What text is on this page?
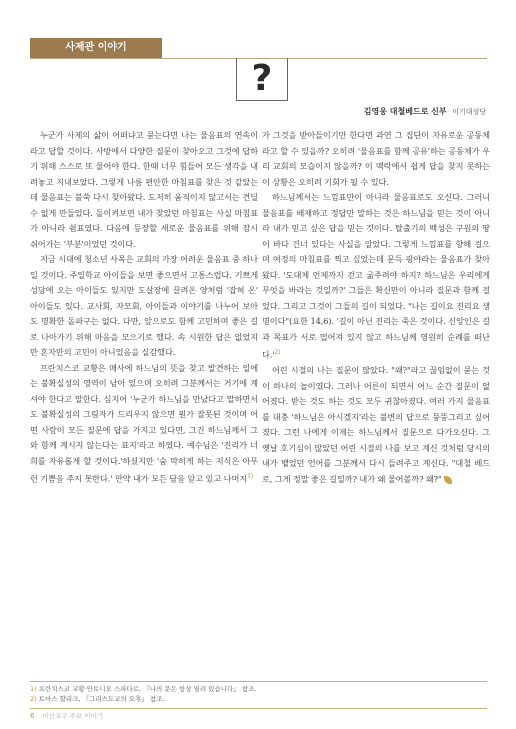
사제관 이야기
?
김영웅 대철베드로 신부 이기대성당

누군가 사제의 삶이 어떠냐고 묻는다면 나는 물음표의 연속이라고 답할 것이다. 사방에서 다양한 질문이 찾아오고 그것에 답하기 위해 스스로 또 물어야 한다. 한때 너무 힘들어 모든 생각을 내려놓고 지내보았다. 그렇게 나름 편안한 마침표를 찾은 것 같았는데 물음표는 불쑥 다시 찾아왔다. 도저히 움직이지 않고서는 견딜 수 없게 만들었다. 돌이켜보면 내가 찾았던 마침표는 사실 마침표가 아니라 쉼표였다. 다음에 등장할 새로운 물음표를 위해 잠시 쉬어가는 '부분'이었던 것이다.

지금 시대에 청소년 사목은 교회의 가장 어려운 물음표 중 하나일 것이다. 주일학교 아이들을 보면 좋으면서 고통스럽다. 기쁘게 성당에 오는 아이들도 있지만 도살장에 끌려온 양처럼 '잡혀 온' 아이들도 있다. 교사회, 자모회, 아이들과 이야기를 나누어 보아도 명확한 돌파구는 없다. 다만, 앞으로도 함께 고민하며 좋은 길로 나아가기 위해 마음을 모으기로 했다. 속 시원한 답은 없었지만 혼자만의 고민이 아니었음을 실감했다.

프란치스코 교황은 매사에 하느님의 뜻을 찾고 발견하는 일에는 불확실성의 영역이 남아 있으며 오히려 그분께서는 거기에 계셔야 한다고 말한다. 심지어 '누군가 하느님을 만났다고 말하면서도 불확실성의 그림자가 드리우지 않으면 뭔가 잘못된 것이며 어떤 사람이 모든 질문에 답을 가지고 있다면, 그건 하느님께서 그와 함께 계시지 않는다는 표지'라고 하였다. 예수님은 '진리가 너희를 자유롭게 할 것이다.'하셨지만 '숨 막히게 하는 지식은 아무런 기쁨을 주지 못한다.' 만약 내가 모든 답을 알고 있고 나머지$^{1)}$

가 그것을 받아들이기만 한다면 과연 그 집단이 자유로운 공동체라고 할 수 있을까? 오히려 '물음표를 함께 공유'하는 공동체가 우리 교회의 모습이지 않을까? 이 맥락에서 쉽게 답을 찾지 못하는 이 상황은 오히려 기회가 될 수 있다.

하느님께서는 느낌표만이 아니라 물음표로도 오신다. 그러니 물음표를 배제하고 정답만 말하는 것은 하느님을 믿는 것이 아니라 내가 믿고 싶은 답을 믿는 것이다. 탈출기의 백성은 구원의 땅이 바다 건너 있다는 사실을 알았다. 그렇게 느낌표를 향해 걸으며 여정의 마침표를 찍고 싶었는데 문득 광야라는 물음표가 찾아왔다. '도대체 언제까지 걷고 굶주려야 하지? 하느님은 우리에게 무엇을 바라는 것일까?' 그들은 확신만이 아니라 질문과 함께 걸었다. 그리고 그것이 그들의 길이 되었다. "나는 길이요 진리요 생명이다"(요한 14,6). '길이 아닌 진리는 죽은 것이다. 신앙인은 길과 목표가 서로 떨어져 있지 않고 하느님께 영원히 순례를 떠난다.'$^{2)}$

어린 시절의 나는 질문이 많았다. "왜?"라고 끊임없이 묻는 것이 하나의 놀이였다. 그러나 어른이 되면서 어느 순간 질문이 없어졌다. 받는 것도 하는 것도 모두 귀찮아졌다. 여러 가지 물음표를 대충 '하느님은 아시겠지'라는 불변의 답으로 뭉뚱그리고 싶어졌다. 그런 나에게 이제는 하느님께서 질문으로 다가오신다. 그 옛날 호기심이 많았던 어린 시절의 나를 보고 계신 것처럼 당시의 내가 뱉었던 언어를 그분께서 다시 들려주고 계신다. "대철 베드로, 그게 정말 좋은 길일까? 내가 왜 물어볼까? 왜?"

1) 프란치스코 교황·안토니오 스파다로, 『나의 문은 항상 열려 있습니다』 참조.
2) 토마스 할리크, 『그리스도교의 오후』 참조.
6 마산교구 주보 이야기
